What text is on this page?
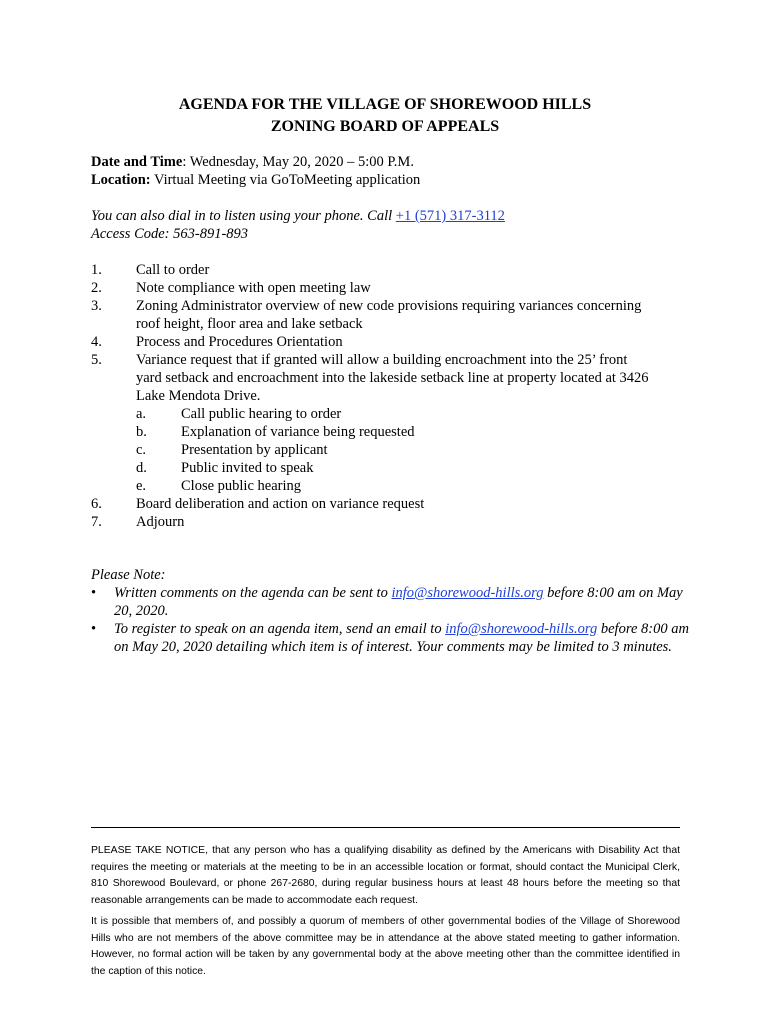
AGENDA FOR THE VILLAGE OF SHOREWOOD HILLS
ZONING BOARD OF APPEALS
Date and Time: Wednesday, May 20, 2020 – 5:00 P.M.
Location: Virtual Meeting via GoToMeeting application
You can also dial in to listen using your phone. Call +1 (571) 317-3112
Access Code: 563-891-893
1. Call to order
2. Note compliance with open meeting law
3. Zoning Administrator overview of new code provisions requiring variances concerning
roof height, floor area and lake setback
4. Process and Procedures Orientation
5. Variance request that if granted will allow a building encroachment into the 25’ front
yard setback and encroachment into the lakeside setback line at property located at 3426
Lake Mendota Drive.
a. Call public hearing to order
b. Explanation of variance being requested
c. Presentation by applicant
d. Public invited to speak
e. Close public hearing
6. Board deliberation and action on variance request
7. Adjourn
Please Note:
• Written comments on the agenda can be sent to info@shorewood-hills.org before 8:00 am on May 20, 2020.
• To register to speak on an agenda item, send an email to info@shorewood-hills.org before 8:00 am on May 20, 2020 detailing which item is of interest. Your comments may be limited to 3 minutes.
PLEASE TAKE NOTICE, that any person who has a qualifying disability as defined by the Americans with Disability Act that requires the meeting or materials at the meeting to be in an accessible location or format, should contact the Municipal Clerk, 810 Shorewood Boulevard, or phone 267-2680, during regular business hours at least 48 hours before the meeting so that reasonable arrangements can be made to accommodate each request.
It is possible that members of, and possibly a quorum of members of other governmental bodies of the Village of Shorewood Hills who are not members of the above committee may be in attendance at the above stated meeting to gather information. However, no formal action will be taken by any governmental body at the above meeting other than the committee identified in the caption of this notice.
